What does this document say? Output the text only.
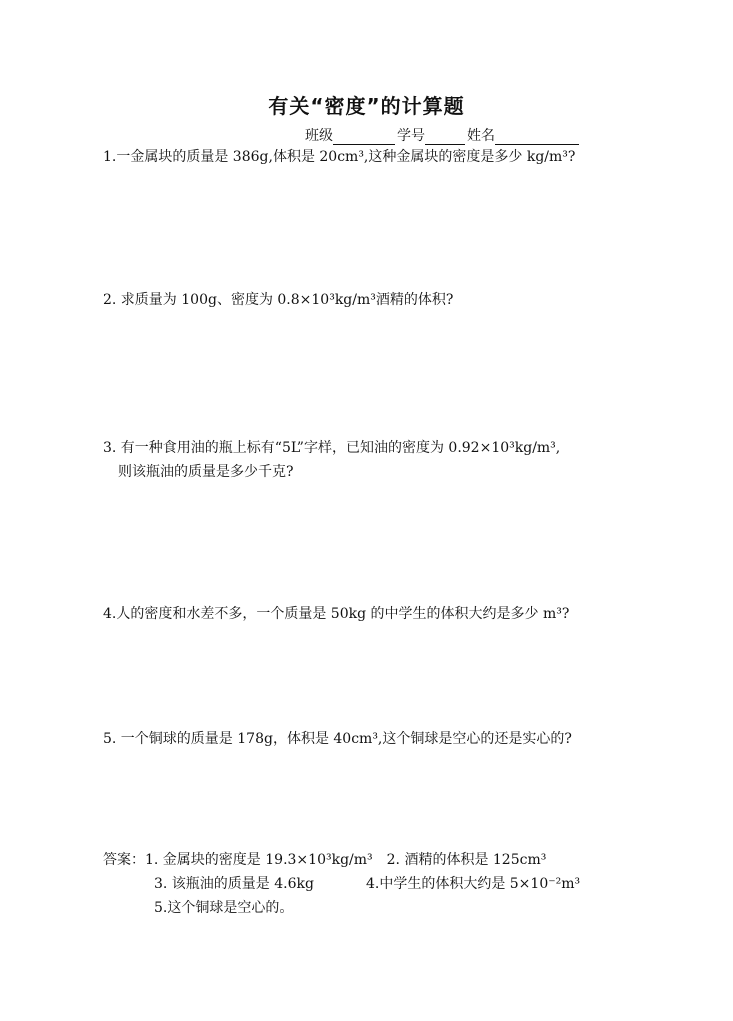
有关“密度”的计算题
班级	学号	姓名
1.一金属块的质量是 386g,体积是 20cm³,这种金属块的密度是多少 kg/m³?
2. 求质量为 100g、密度为 0.8×10³kg/m³酒精的体积?
3. 有一种食用油的瓶上标有“5L”字样，已知油的密度为 0.92×10³kg/m³,
则该瓶油的质量是多少千克?
4.人的密度和水差不多，一个质量是 50kg 的中学生的体积大约是多少 m³?
5. 一个铜球的质量是 178g，体积是 40cm³,这个铜球是空心的还是实心的?
答案：1. 金属块的密度是 19.3×10³kg/m³ 2. 酒精的体积是 125cm³
3. 该瓶油的质量是 4.6kg	4.中学生的体积大约是 5×10⁻²m³
5.这个铜球是空心的。
